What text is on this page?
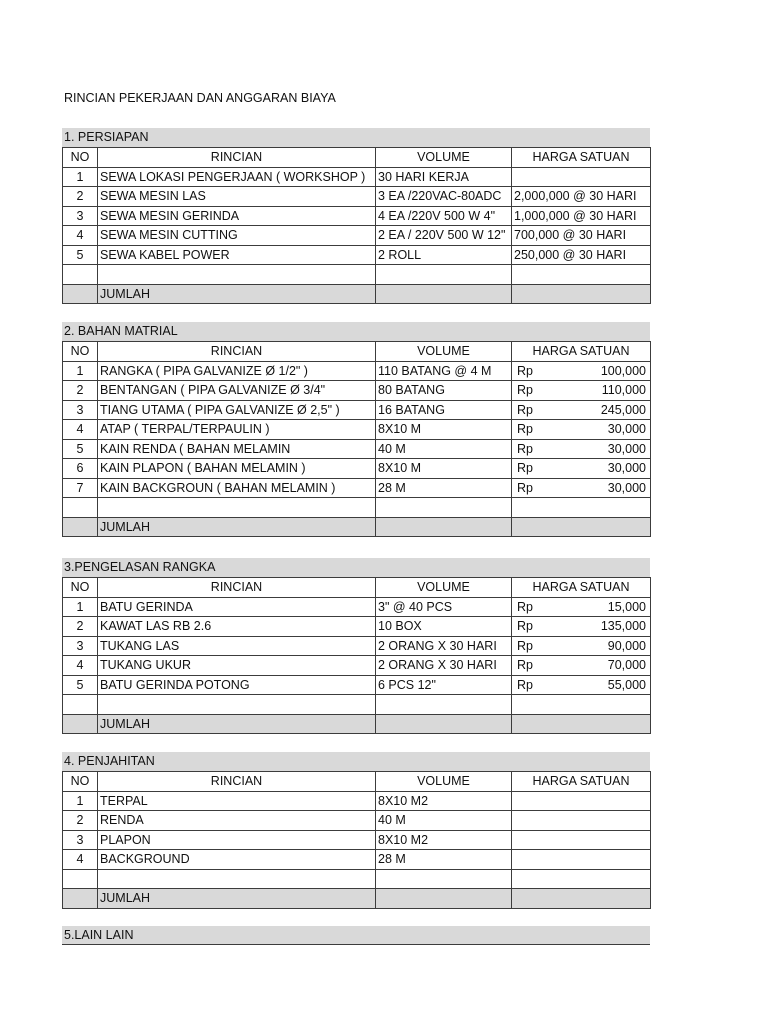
RINCIAN PEKERJAAN DAN ANGGARAN BIAYA
1. PERSIAPAN
NO	RINCIAN	VOLUME	HARGA SATUAN
1	SEWA LOKASI PENGERJAAN ( WORKSHOP )	30 HARI KERJA	
2	SEWA MESIN LAS	3 EA /220VAC-80ADC	2,000,000 @ 30 HARI
3	SEWA MESIN GERINDA	4 EA /220V 500 W 4"	1,000,000 @ 30 HARI
4	SEWA MESIN CUTTING	2 EA / 220V 500 W 12"	700,000 @ 30 HARI
5	SEWA KABEL POWER	2 ROLL	250,000 @ 30 HARI

	JUMLAH		
2. BAHAN MATRIAL
NO	RINCIAN	VOLUME	HARGA SATUAN
1	RANGKA ( PIPA GALVANIZE Ø 1/2" )	110 BATANG @ 4 M	Rp 100,000

2	BENTANGAN ( PIPA GALVANIZE Ø 3/4"	80 BATANG	Rp 110,000

3	TIANG UTAMA ( PIPA GALVANIZE Ø 2,5" )	16 BATANG	Rp 245,000

4	ATAP ( TERPAL/TERPAULIN )	8X10 M	Rp 30,000

5	KAIN RENDA ( BAHAN MELAMIN	40 M	Rp 30,000

6	KAIN PLAPON ( BAHAN MELAMIN )	8X10 M	Rp 30,000

7	KAIN BACKGROUN ( BAHAN MELAMIN )	28 M	Rp 30,000

	JUMLAH		
3.PENGELASAN RANGKA
NO	RINCIAN	VOLUME	HARGA SATUAN
1	BATU GERINDA	3" @ 40 PCS	Rp 15,000

2	KAWAT LAS RB 2.6	10 BOX	Rp 135,000

3	TUKANG LAS	2 ORANG X 30 HARI	Rp 90,000

4	TUKANG UKUR	2 ORANG X 30 HARI	Rp 70,000

5	BATU GERINDA POTONG	6 PCS 12"	Rp 55,000

	JUMLAH		
4. PENJAHITAN
NO	RINCIAN	VOLUME	HARGA SATUAN
1	TERPAL	8X10 M2	
2	RENDA	40 M	
3	PLAPON	8X10 M2	
4	BACKGROUND	28 M	

	JUMLAH		
5.LAIN LAIN
